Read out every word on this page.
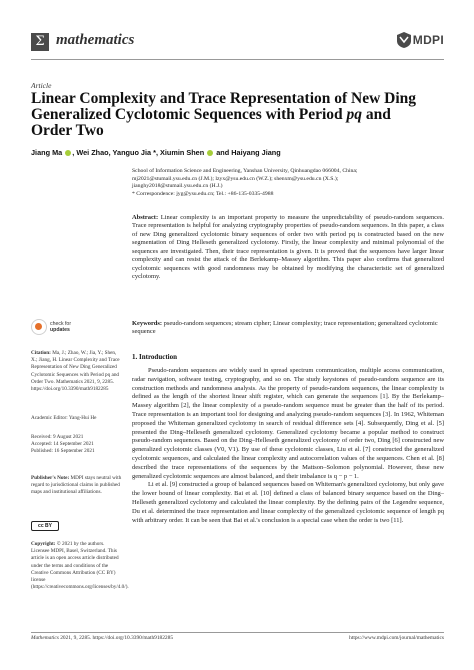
Σ mathematics	MDPI
Article
Linear Complexity and Trace Representation of New Ding Generalized Cyclotomic Sequences with Period pq and Order Two
Jiang Ma , Wei Zhao, Yanguo Jia *, Xiumin Shen and Haiyang Jiang
School of Information Science and Engineering, Yanshan University, Qinhuangdao 066004, China;
mj2021@stumail.ysu.edu.cn (J.M.); lzyx@ysu.edu.cn (W.Z.); shenxm@ysu.edu.cn (X.S.);
jianghy2018@stumail.ysu.edu.cn (H.J.)
* Correspondence: jyg@ysu.edu.cn; Tel.: +86-135-0335-4988
Abstract: Linear complexity is an important property to measure the unpredictability of pseudo-random sequences. Trace representation is helpful for analyzing cryptography properties of pseudo-random sequences. In this paper, a class of new Ding generalized cyclotomic binary sequences of order two with period pq is constructed based on the new segmentation of Ding Helleseth generalized cyclotomy. Firstly, the linear complexity and minimal polynomial of the sequences are investigated. Then, their trace representation is given. It is proved that the sequences have larger linear complexity and can resist the attack of the Berlekamp–Massey algorithm. This paper also confirms that generalized cyclotomic sequences with good randomness may be obtained by modifying the characteristic set of generalized cyclotomy.
Keywords: pseudo-random sequences; stream cipher; Linear complexity; trace representation; generalized cyclotomic sequence
check for
updates
Citation: Ma, J.; Zhao, W.; Jia, Y.; Shen, X.; Jiang, H. Linear Complexity and Trace Representation of New Ding Generalized Cyclotomic Sequences with Period pq and Order Two. Mathematics 2021, 9, 2285. https://doi.org/10.3390/math9182285
Academic Editor: Yang-Hui He
Received: 9 August 2021
Accepted: 14 September 2021
Published: 16 September 2021
Publisher's Note: MDPI stays neutral with regard to jurisdictional claims in published maps and institutional affiliations.
cc BY
Copyright: © 2021 by the authors. Licensee MDPI, Basel, Switzerland. This article is an open access article distributed under the terms and conditions of the Creative Commons Attribution (CC BY) license (https://creativecommons.org/licenses/by/4.0/).
1. Introduction

Pseudo-random sequences are widely used in spread spectrum communication, multiple access communication, radar navigation, software testing, cryptography, and so on. The study keystones of pseudo-random sequence are its construction methods and randomness analysis. As the property of pseudo-random sequences, the linear complexity is defined as the length of the shortest linear shift register, which can generate the sequences [1]. By the Berlekamp–Massey algorithm [2], the linear complexity of a pseudo-random sequence must be greater than the half of its period. Trace representation is an important tool for designing and analyzing pseudo-random sequences [3]. In 1962, Whiteman proposed the Whiteman generalized cyclotomy in search of residual difference sets [4]. Subsequently, Ding et al. [5] presented the Ding–Helleseth generalized cyclotomy. Generalized cyclotomy became a popular method to construct pseudo-random sequences. Based on the Ding–Helleseth generalized cyclotomy of order two, Ding [6] constructed new generalized cyclotomic classes (V0, V1). By use of these cyclotomic classes, Liu et al. [7] constructed the generalized cyclotomic sequences, and calculated the linear complexity and autocorrelation values of the sequences. Chen et al. [8] described the trace representations of the sequences by the Mattson–Solomon polynomial. However, these new generalized cyclotomic sequences are almost balanced, and their imbalance is q − p − 1.

Li et al. [9] constructed a group of balanced sequences based on Whiteman's generalized cyclotomy, but only gave the lower bound of linear complexity. Bai et al. [10] defined a class of balanced binary sequence based on the Ding–Helleseth generalized cyclotomy and calculated the linear complexity. By the defining pairs of the Legendre sequence, Du et al. determined the trace representation and linear complexity of the generalized cyclotomic sequence of length pq with arbitrary order. It can be seen that Bai et al.'s conclusion is a special case when the order is two [11].

Mathematics 2021, 9, 2285. https://doi.org/10.3390/math9182285	https://www.mdpi.com/journal/mathematics
